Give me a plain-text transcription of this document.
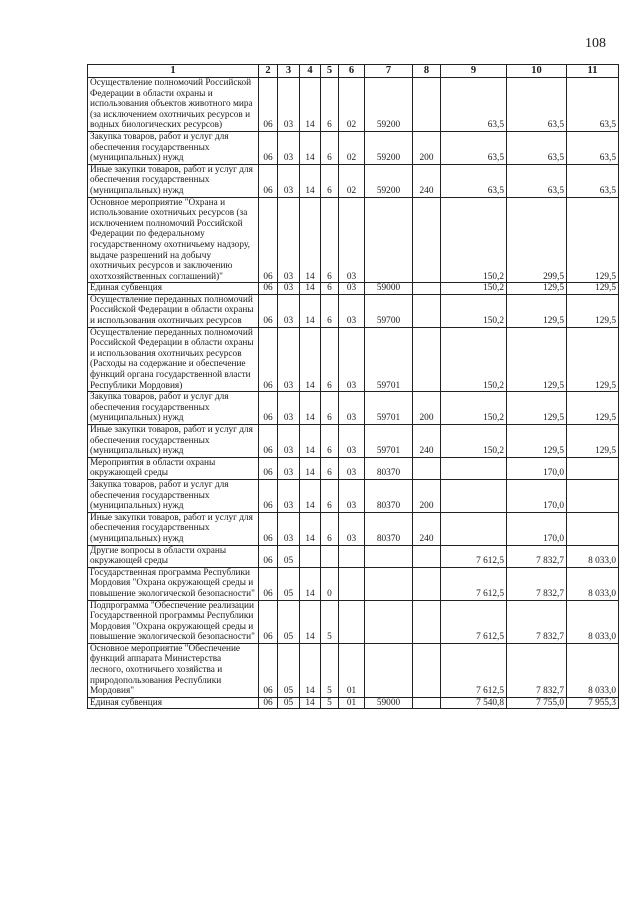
108
1	2	3	4	5	6	7	8	9	10	11
Осуществление полномочий Российской Федерации в области охраны и использования объектов животного мира (за исключением охотничьих ресурсов и водных биологических ресурсов)	06	03	14	6	02	59200		63,5	63,5	63,5
Закупка товаров, работ и услуг для обеспечения государственных (муниципальных) нужд	06	03	14	6	02	59200	200	63,5	63,5	63,5
Иные закупки товаров, работ и услуг для обеспечения государственных (муниципальных) нужд	06	03	14	6	02	59200	240	63,5	63,5	63,5
Основное мероприятие "Охрана и использование охотничьих ресурсов (за исключением полномочий Российской Федерации по федеральному государственному охотничьему надзору, выдаче разрешений на добычу охотничьих ресурсов и заключению охотхозяйственных соглашений)"	06	03	14	6	03			150,2	299,5	129,5
Единая субвенция	06	03	14	6	03	59000		150,2	129,5	129,5
Осуществление переданных полномочий Российской Федерации в области охраны и использования охотничьих ресурсов	06	03	14	6	03	59700		150,2	129,5	129,5
Осуществление переданных полномочий Российской Федерации в области охраны и использования охотничьих ресурсов (Расходы на содержание и обеспечение функций органа государственной власти Республики Мордовия)	06	03	14	6	03	59701		150,2	129,5	129,5
Закупка товаров, работ и услуг для обеспечения государственных (муниципальных) нужд	06	03	14	6	03	59701	200	150,2	129,5	129,5
Иные закупки товаров, работ и услуг для обеспечения государственных (муниципальных) нужд	06	03	14	6	03	59701	240	150,2	129,5	129,5
Мероприятия в области охраны окружающей среды	06	03	14	6	03	80370			170,0	
Закупка товаров, работ и услуг для обеспечения государственных (муниципальных) нужд	06	03	14	6	03	80370	200		170,0	
Иные закупки товаров, работ и услуг для обеспечения государственных (муниципальных) нужд	06	03	14	6	03	80370	240		170,0	
Другие вопросы в области охраны окружающей среды	06	05						7 612,5	7 832,7	8 033,0
Государственная программа Республики Мордовия "Охрана окружающей среды и повышение экологической безопасности"	06	05	14	0				7 612,5	7 832,7	8 033,0
Подпрограмма "Обеспечение реализации Государственной программы Республики Мордовия "Охрана окружающей среды и повышение экологической безопасности"	06	05	14	5				7 612,5	7 832,7	8 033,0
Основное мероприятие "Обеспечение функций аппарата Министерства лесного, охотничьего хозяйства и природопользования Республики Мордовия"	06	05	14	5	01			7 612,5	7 832,7	8 033,0
Единая субвенция	06	05	14	5	01	59000		7 540,8	7 755,0	7 955,3
